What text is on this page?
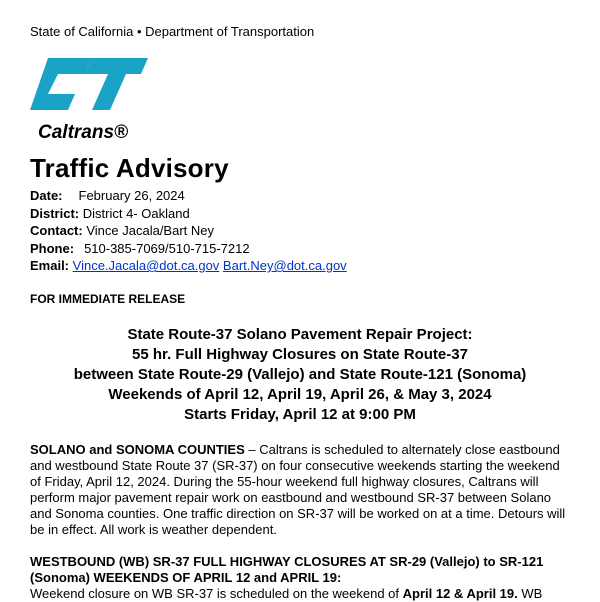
State of California • Department of Transportation
Caltrans®
Traffic Advisory
Date: February 26, 2024
District: District 4- Oakland
Contact: Vince Jacala/Bart Ney
Phone: 510-385-7069/510-715-7212
Email: Vince.Jacala@dot.ca.gov Bart.Ney@dot.ca.gov
FOR IMMEDIATE RELEASE
State Route-37 Solano Pavement Repair Project:
55 hr. Full Highway Closures on State Route-37
between State Route-29 (Vallejo) and State Route-121 (Sonoma)
Weekends of April 12, April 19, April 26, & May 3, 2024
Starts Friday, April 12 at 9:00 PM
SOLANO and SONOMA COUNTIES – Caltrans is scheduled to alternately close eastbound and westbound State Route 37 (SR-37) on four consecutive weekends starting the weekend of Friday, April 12, 2024. During the 55-hour weekend full highway closures, Caltrans will perform major pavement repair work on eastbound and westbound SR-37 between Solano and Sonoma counties. One traffic direction on SR-37 will be worked on at a time. Detours will be in effect. All work is weather dependent.
WESTBOUND (WB) SR-37 FULL HIGHWAY CLOSURES AT SR-29 (Vallejo) to SR-121 (Sonoma) WEEKENDS OF APRIL 12 and APRIL 19:
Weekend closure on WB SR-37 is scheduled on the weekend of April 12 & April 19. WB
